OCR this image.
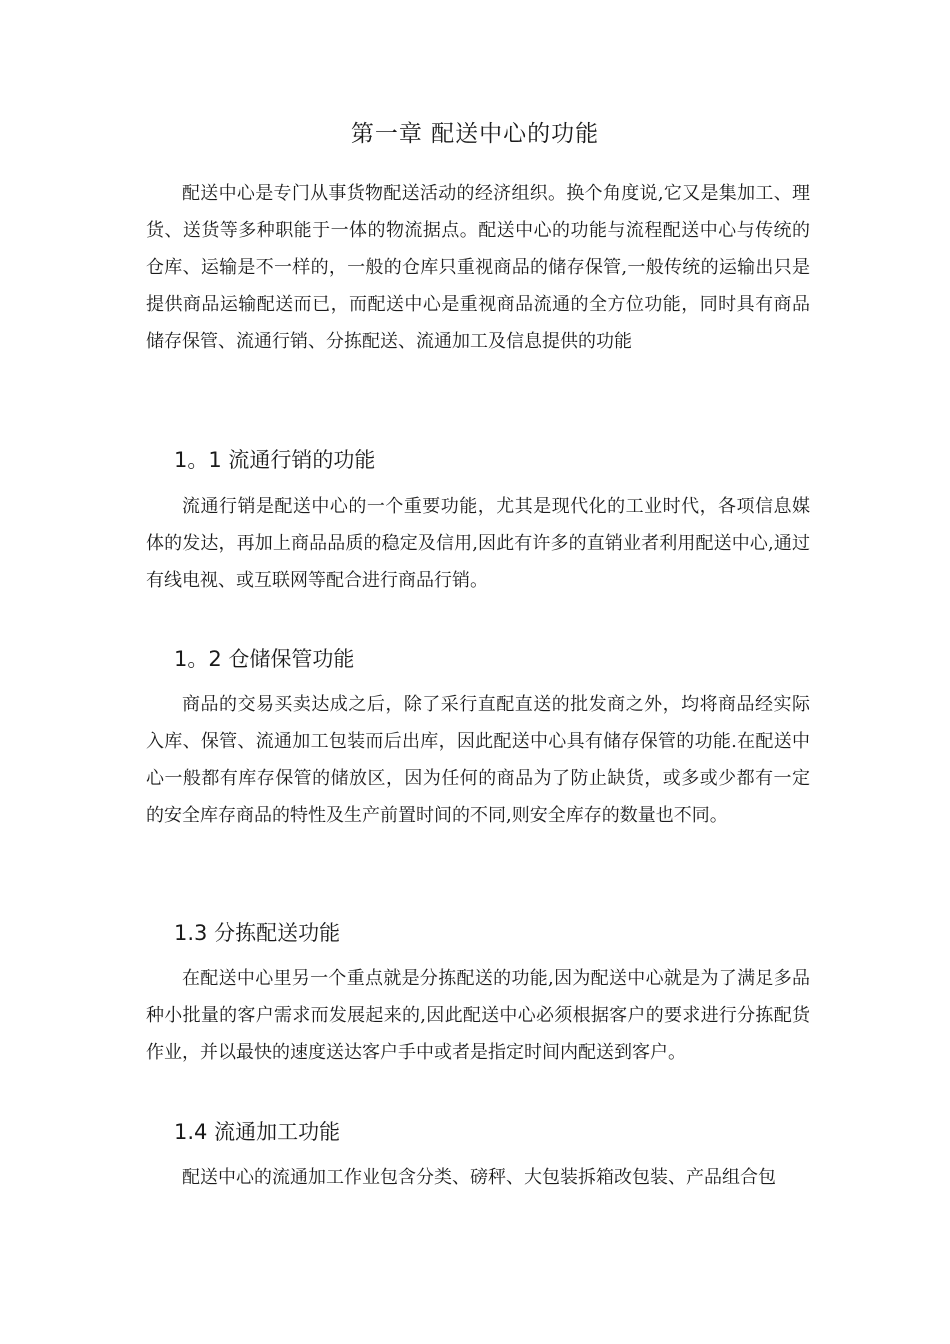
第一章 配送中心的功能

配送中心是专门从事货物配送活动的经济组织。换个角度说,它又是集加工、理货、送货等多种职能于一体的物流据点。配送中心的功能与流程配送中心与传统的仓库、运输是不一样的，一般的仓库只重视商品的储存保管,一般传统的运输出只是提供商品运输配送而已，而配送中心是重视商品流通的全方位功能，同时具有商品储存保管、流通行销、分拣配送、流通加工及信息提供的功能

1。1 流通行销的功能

流通行销是配送中心的一个重要功能，尤其是现代化的工业时代，各项信息媒体的发达，再加上商品品质的稳定及信用,因此有许多的直销业者利用配送中心,通过有线电视、或互联网等配合进行商品行销。

1。2 仓储保管功能

商品的交易买卖达成之后，除了采行直配直送的批发商之外，均将商品经实际入库、保管、流通加工包装而后出库，因此配送中心具有储存保管的功能.在配送中心一般都有库存保管的储放区，因为任何的商品为了防止缺货，或多或少都有一定的安全库存商品的特性及生产前置时间的不同,则安全库存的数量也不同。

1.3 分拣配送功能

在配送中心里另一个重点就是分拣配送的功能,因为配送中心就是为了满足多品种小批量的客户需求而发展起来的,因此配送中心必须根据客户的要求进行分拣配货作业，并以最快的速度送达客户手中或者是指定时间内配送到客户。

1.4 流通加工功能

配送中心的流通加工作业包含分类、磅秤、大包装拆箱改包装、产品组合包
